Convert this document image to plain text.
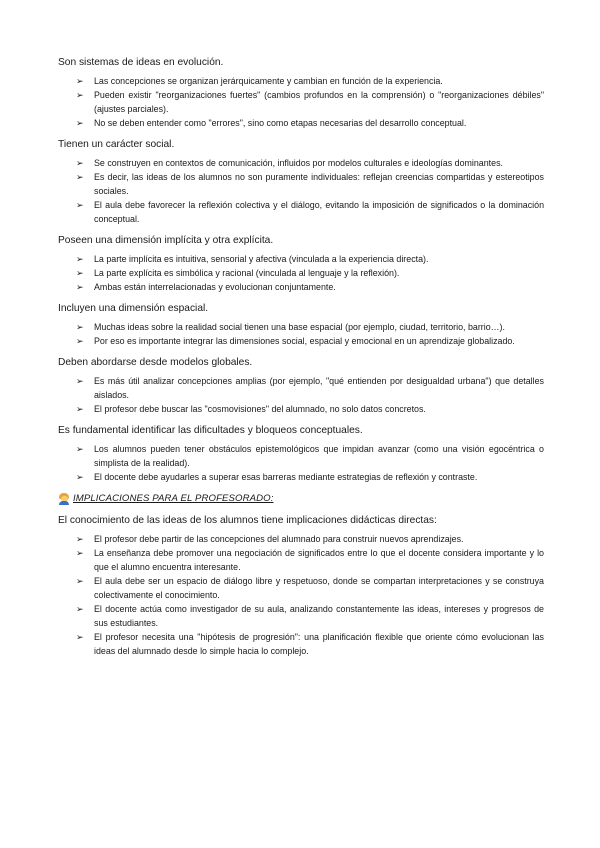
Son sistemas de ideas en evolución.

➢ Las concepciones se organizan jerárquicamente y cambian en función de la experiencia.
➢ Pueden existir "reorganizaciones fuertes" (cambios profundos en la comprensión) o "reorganizaciones débiles" (ajustes parciales).
➢ No se deben entender como "errores", sino como etapas necesarias del desarrollo conceptual.

Tienen un carácter social.

➢ Se construyen en contextos de comunicación, influidos por modelos culturales e ideologías dominantes.
➢ Es decir, las ideas de los alumnos no son puramente individuales: reflejan creencias compartidas y estereotipos sociales.
➢ El aula debe favorecer la reflexión colectiva y el diálogo, evitando la imposición de significados o la dominación conceptual.

Poseen una dimensión implícita y otra explícita.

➢ La parte implícita es intuitiva, sensorial y afectiva (vinculada a la experiencia directa).
➢ La parte explícita es simbólica y racional (vinculada al lenguaje y la reflexión).
➢ Ambas están interrelacionadas y evolucionan conjuntamente.

Incluyen una dimensión espacial.

➢ Muchas ideas sobre la realidad social tienen una base espacial (por ejemplo, ciudad, territorio, barrio…).
➢ Por eso es importante integrar las dimensiones social, espacial y emocional en un aprendizaje globalizado.

Deben abordarse desde modelos globales.

➢ Es más útil analizar concepciones amplias (por ejemplo, "qué entienden por desigualdad urbana") que detalles aislados.
➢ El profesor debe buscar las "cosmovisiones" del alumnado, no solo datos concretos.

Es fundamental identificar las dificultades y bloqueos conceptuales.

➢ Los alumnos pueden tener obstáculos epistemológicos que impidan avanzar (como una visión egocéntrica o simplista de la realidad).
➢ El docente debe ayudarles a superar esas barreras mediante estrategias de reflexión y contraste.
IMPLICACIONES PARA EL PROFESORADO:

El conocimiento de las ideas de los alumnos tiene implicaciones didácticas directas:

➢ El profesor debe partir de las concepciones del alumnado para construir nuevos aprendizajes.
➢ La enseñanza debe promover una negociación de significados entre lo que el docente considera importante y lo que el alumno encuentra interesante.
➢ El aula debe ser un espacio de diálogo libre y respetuoso, donde se compartan interpretaciones y se construya colectivamente el conocimiento.
➢ El docente actúa como investigador de su aula, analizando constantemente las ideas, intereses y progresos de sus estudiantes.
➢ El profesor necesita una "hipótesis de progresión": una planificación flexible que oriente cómo evolucionan las ideas del alumnado desde lo simple hacia lo complejo.
